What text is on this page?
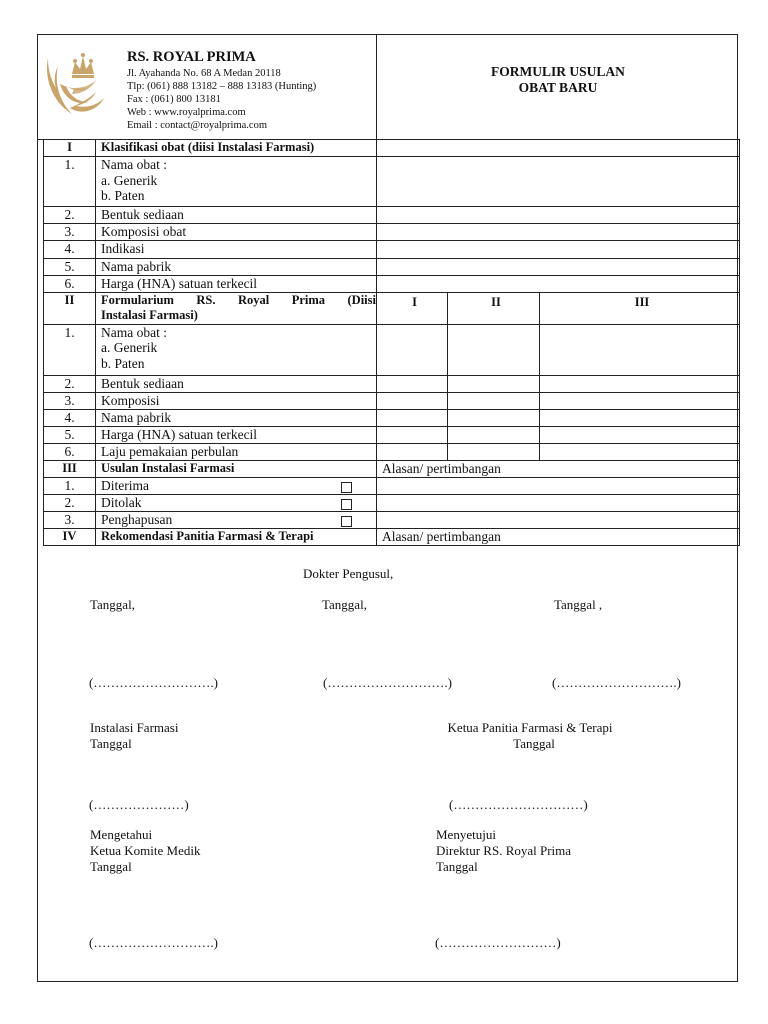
RS. ROYAL PRIMA
Jl. Ayahanda No. 68 A Medan 20118
Tlp: (061) 888 13182 – 888 13183 (Hunting)
Fax : (061) 800 13181
Web : www.royalprima.com
Email : contact@royalprima.com
FORMULIR USULAN
OBAT BARU
I	Klasifikasi obat (diisi Instalasi Farmasi)			
1.	Nama obat :
a. Generik
b. Paten			

2.	Bentuk sediaan			
3.	Komposisi obat			
4.	Indikasi			
5.	Nama pabrik			
6.	Harga (HNA) satuan terkecil			
II	Formularium RS. Royal Prima (Diisi
Instalasi Farmasi)	I	II	III
1.	Nama obat :
a. Generik
b. Paten			

2.	Bentuk sediaan			
3.	Komposisi			
4.	Nama pabrik			
5.	Harga (HNA) satuan terkecil			
6.	Laju pemakaian perbulan			
III	Usulan Instalasi Farmasi	Alasan/ pertimbangan		
1.	Diterima		

2.	Ditolak		

3.	Penghapusan		

IV	Rekomendasi Panitia Farmasi & Terapi	Alasan/ pertimbangan		
Dokter Pengusul,
Tanggal,	Tanggal,	Tanggal ,
(……………………….)	(……………………….)	(……………………….)
Instalasi Farmasi
Tanggal
(…………………)
Ketua Panitia Farmasi & Terapi
Tanggal
(…………………………)
Mengetahui
Ketua Komite Medik
Tanggal
(……………………….)
Menyetujui
Direktur RS. Royal Prima
Tanggal
(………………………)
